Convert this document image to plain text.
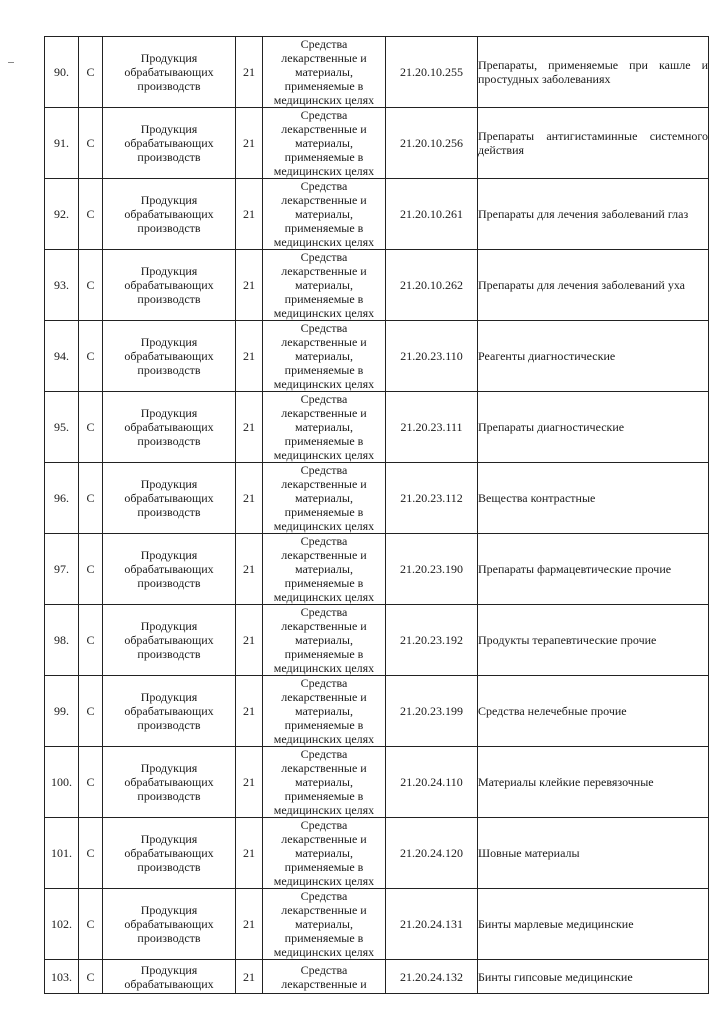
90.	C	Продукция обрабатывающих производств	21	Средства лекарственные и материалы, применяемые в медицинских целях	21.20.10.255	Препараты, применяемые при кашле и простудных заболеваниях
91.	C	Продукция обрабатывающих производств	21	Средства лекарственные и материалы, применяемые в медицинских целях	21.20.10.256	Препараты антигистаминные системного действия
92.	C	Продукция обрабатывающих производств	21	Средства лекарственные и материалы, применяемые в медицинских целях	21.20.10.261	Препараты для лечения заболеваний глаз
93.	C	Продукция обрабатывающих производств	21	Средства лекарственные и материалы, применяемые в медицинских целях	21.20.10.262	Препараты для лечения заболеваний уха
94.	C	Продукция обрабатывающих производств	21	Средства лекарственные и материалы, применяемые в медицинских целях	21.20.23.110	Реагенты диагностические
95.	C	Продукция обрабатывающих производств	21	Средства лекарственные и материалы, применяемые в медицинских целях	21.20.23.111	Препараты диагностические
96.	C	Продукция обрабатывающих производств	21	Средства лекарственные и материалы, применяемые в медицинских целях	21.20.23.112	Вещества контрастные
97.	C	Продукция обрабатывающих производств	21	Средства лекарственные и материалы, применяемые в медицинских целях	21.20.23.190	Препараты фармацевтические прочие
98.	C	Продукция обрабатывающих производств	21	Средства лекарственные и материалы, применяемые в медицинских целях	21.20.23.192	Продукты терапевтические прочие
99.	C	Продукция обрабатывающих производств	21	Средства лекарственные и материалы, применяемые в медицинских целях	21.20.23.199	Средства нелечебные прочие
100.	C	Продукция обрабатывающих производств	21	Средства лекарственные и материалы, применяемые в медицинских целях	21.20.24.110	Материалы клейкие перевязочные
101.	C	Продукция обрабатывающих производств	21	Средства лекарственные и материалы, применяемые в медицинских целях	21.20.24.120	Шовные материалы
102.	C	Продукция обрабатывающих производств	21	Средства лекарственные и материалы, применяемые в медицинских целях	21.20.24.131	Бинты марлевые медицинские
103.	C	Продукция обрабатывающих	21	Средства лекарственные и	21.20.24.132	Бинты гипсовые медицинские
